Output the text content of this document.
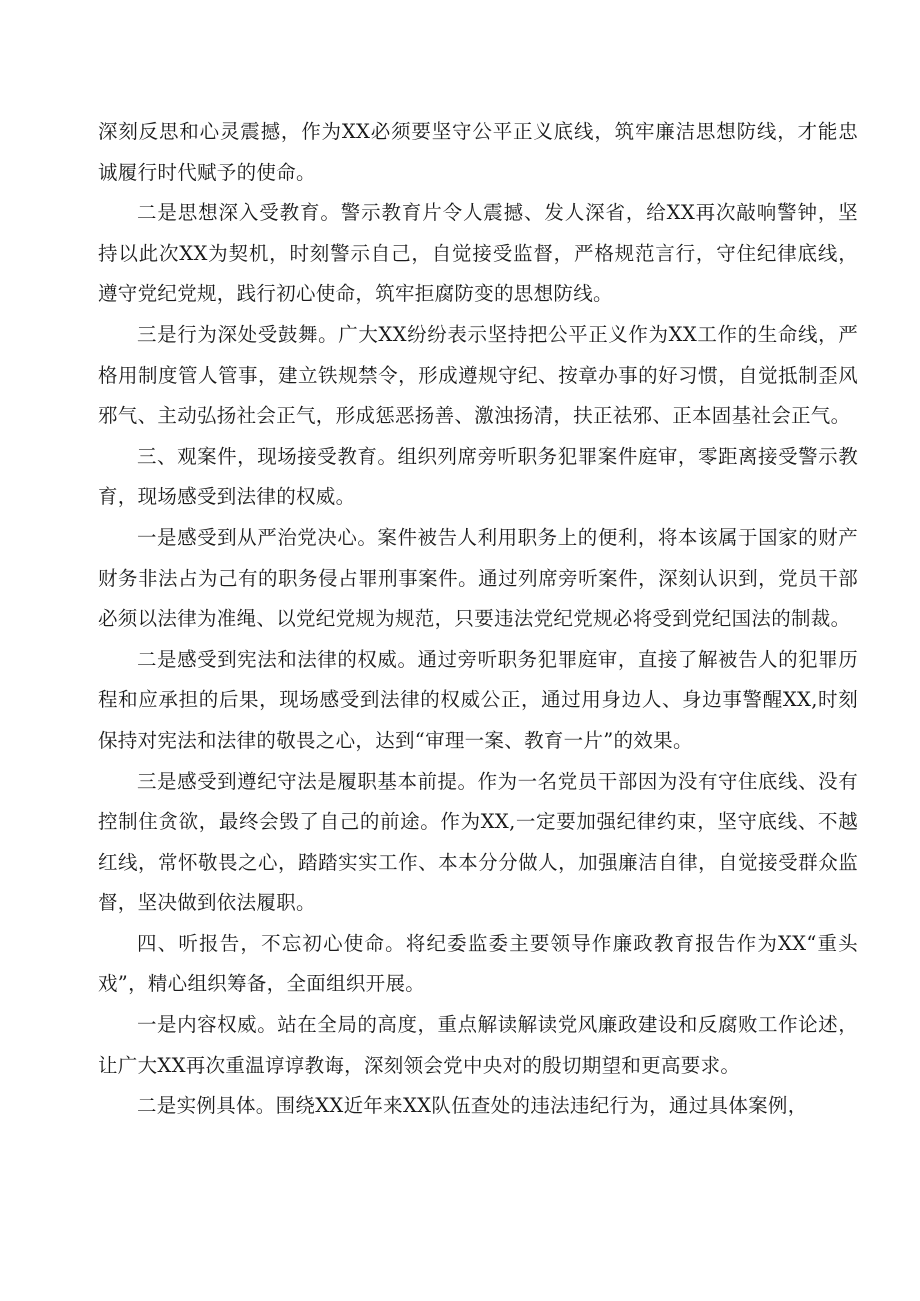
深刻反思和心灵震撼，作为XX必须要坚守公平正义底线，筑牢廉洁思想防线，才能忠诚履行时代赋予的使命。

二是思想深入受教育。警示教育片令人震撼、发人深省，给XX再次敲响警钟，坚持以此次XX为契机，时刻警示自己，自觉接受监督，严格规范言行，守住纪律底线，遵守党纪党规，践行初心使命，筑牢拒腐防变的思想防线。

三是行为深处受鼓舞。广大XX纷纷表示坚持把公平正义作为XX工作的生命线，严格用制度管人管事，建立铁规禁令，形成遵规守纪、按章办事的好习惯，自觉抵制歪风邪气、主动弘扬社会正气，形成惩恶扬善、激浊扬清，扶正祛邪、正本固基社会正气。

三、观案件，现场接受教育。组织列席旁听职务犯罪案件庭审，零距离接受警示教育，现场感受到法律的权威。

一是感受到从严治党决心。案件被告人利用职务上的便利，将本该属于国家的财产财务非法占为己有的职务侵占罪刑事案件。通过列席旁听案件，深刻认识到，党员干部必须以法律为准绳、以党纪党规为规范，只要违法党纪党规必将受到党纪国法的制裁。

二是感受到宪法和法律的权威。通过旁听职务犯罪庭审，直接了解被告人的犯罪历程和应承担的后果，现场感受到法律的权威公正，通过用身边人、身边事警醒XX,时刻保持对宪法和法律的敬畏之心，达到“审理一案、教育一片”的效果。

三是感受到遵纪守法是履职基本前提。作为一名党员干部因为没有守住底线、没有控制住贪欲，最终会毁了自己的前途。作为XX,一定要加强纪律约束，坚守底线、不越红线，常怀敬畏之心，踏踏实实工作、本本分分做人，加强廉洁自律，自觉接受群众监督，坚决做到依法履职。

四、听报告，不忘初心使命。将纪委监委主要领导作廉政教育报告作为XX“重头戏”，精心组织筹备，全面组织开展。

一是内容权威。站在全局的高度，重点解读解读党风廉政建设和反腐败工作论述，让广大XX再次重温谆谆教诲，深刻领会党中央对的殷切期望和更高要求。

二是实例具体。围绕XX近年来XX队伍查处的违法违纪行为，通过具体案例，
